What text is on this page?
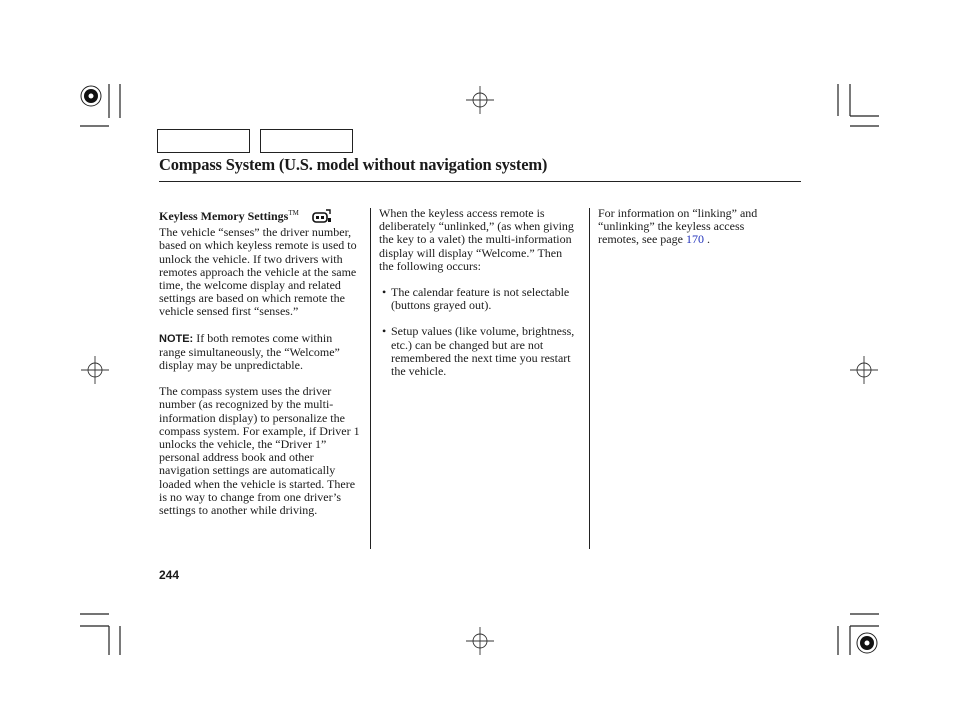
Compass System (U.S. model without navigation system)

Keyless Memory Settings™

The vehicle “senses” the driver number, based on which keyless remote is used to unlock the vehicle. If two drivers with remotes approach the vehicle at the same time, the welcome display and related settings are based on which remote the vehicle sensed first “senses.”

NOTE: If both remotes come within range simultaneously, the “Welcome” display may be unpredictable.

The compass system uses the driver number (as recognized by the multi-information display) to personalize the compass system. For example, if Driver 1 unlocks the vehicle, the “Driver 1” personal address book and other navigation settings are automatically loaded when the vehicle is started. There is no way to change from one driver’s settings to another while driving.

When the keyless access remote is deliberately “unlinked,” (as when giving the key to a valet) the multi-information display will display “Welcome.” Then the following occurs:

• The calendar feature is not selectable (buttons grayed out).

• Setup values (like volume, brightness, etc.) can be changed but are not remembered the next time you restart the vehicle.

For information on “linking” and “unlinking” the keyless access remotes, see page 170 .

244
